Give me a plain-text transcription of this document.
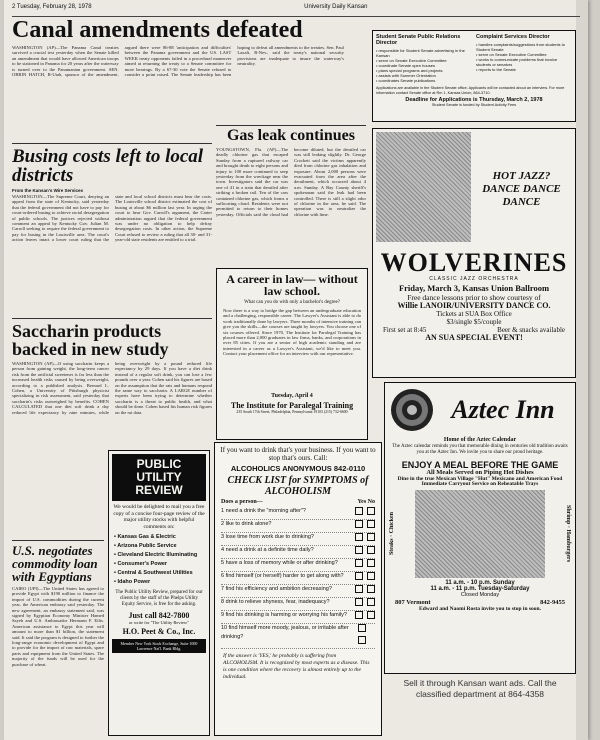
2 Tuesday, February 28, 1978	University Daily Kansan
Canal amendments defeated
WASHINGTON (AP)—The Panama Canal treaties survived a crucial test yesterday when the Senate killed an amendment that would have allowed American troops to be stationed in Panama for 20 years after the waterway is turned over to the Panamanian government. SEN. ORRIN HATCH, R-Utah, sponsor of the amendment, argued there were 86-88 'anticipation and difficulties' between the Panama government and the US. LAST WEEK treaty opponents failed in a procedural maneuver aimed at returning the treaty to a Senate committee for more hearings. By a 67-30 vote the Senate refused to consider a point raised. The Senate leadership has been hoping to defeat all amendments to the treaties. Sen. Paul Laxalt, R-Nev., said the treaty's national security provisions are inadequate to insure the waterway's neutrality.
Busing costs left to local districts
From the Kansan's Wire Services
WASHINGTON—The Supreme Court, denying an appeal from the state of Kentucky, said yesterday that the federal government did not have to pay for court-ordered busing to achieve racial desegregation of public schools. The justices rejected without comment an appeal by Kentucky Gov. Julian M. Carroll seeking to require the federal government to pay for busing in the Louisville area. The court's action leaves intact a lower court ruling that the state and local school districts must bear the costs. The Louisville school district estimated the cost of busing at about $6 million last year. In urging the court to hear Gov. Carroll's argument, the Carter administration argued that the federal government was under no obligation to help defray desegregation costs. In other action, the Supreme Court refused to review a ruling that all 30- and 31-year-old state residents are entitled to a trial.
Saccharin products backed in new study
WASHINGTON (AP)—If using saccharin keeps a person from gaining weight, the long-term cancer risk from the artificial sweetener is far less than the increased health risks caused by being overweight, according to a published analysis. Bernard L. Cohen, a University of Pittsburgh physicist specializing in risk assessment, said yesterday that saccharin's risks outweighed by benefits. COHEN CALCULATED that one diet soft drink a day reduced life expectancy by nine minutes, while being overweight by a pound reduced life expectancy by 29 days. If you have a diet drink instead of a regular soft drink, you can lose a few pounds over a year. Cohen said his figures are based on the assumption that the rats and humans respond the same way to saccharin. A LARGE number of experts have been trying to determine whether saccharin is a threat to public health, and what should be done. Cohen based his human risk figures on the rat data.
U.S. negotiates commodity loan with Egyptians
CAIRO (UPI)—The United States has agreed to provide Egypt with $190 million to finance the import of U.S. commodities during the current year, the American embassy said yesterday. The new agreement, an embassy statement said, was signed by Egyptian Economy Minister Hamed Sayeh and U.S. Ambassador Hermann F. Eilts. American assistance to Egypt this year will amount to more than $1 billion, the statement said. It said the program is designed to further the long-range economic development of Egypt and to provide for the import of raw materials, spare parts and equipment from the United States. The majority of the funds will be used for the purchase of wheat.
Gas leak continues
YOUNGSTOWN, Fla. (AP)—The deadly chlorine gas that escaped Sunday from a ruptured railway car and brought death to eight persons and injury to 100 more continued to seep yesterday from the wreckage near the town. Investigators said the car was one of 41 in a train that derailed after striking a broken rail. Ten of the cars contained chlorine gas, which forms a suffocating cloud. Residents were not permitted to return to their homes yesterday. Officials said the cloud had become diluted, but the derailed car was still leaking slightly. Dr. George Crockett said the victims apparently died from chlorine gas inhalation and exposure. About 2,000 persons were evacuated from the area after the derailment, which occurred about 4 a.m. Sunday. A Bay County sheriff's spokesman said the leak had been controlled. There is still a slight odor of chlorine in the area, he said. The operation was to neutralize the chlorine with lime.
Student Senate Public Relations Director
• responsible for Student Senate advertising in the Kansan
• serve on Senate Executive Committee
• coordinate Senate open houses
• plans special programs and projects
• assists with Summer Orientation
• coordinates Senate publications
Complaint Services Director
• handles complaints/suggestions from students to Student Senate
• serve on Senate Executive Committee
• works to communicate problems that involve students or senators
• reports to the Senate
Applications are available in the Student Senate office. Applicants will be contacted about an interview. For more information contact Senate office at Rm 1, Kansas Union, 864-3710.
Deadline for Applications is Thursday, March 2, 1978
Student Senate is funded by Student Activity Fees
HOT JAZZ? DANCE DANCE DANCE
WOLVERINES
CLASSIC JAZZ ORCHESTRA
Friday, March 3, Kansas Union Ballroom
Free dance lessons prior to show courtesy of
Willie LANOIR/UNIVERSITY DANCE CO.
Tickets at SUA Box Office
$3/single $5/couple
First set at 8:45	Beer & snacks available
AN SUA SPECIAL EVENT!
A career in law— without law school.
What can you do with only a bachelor's degree?
Now there is a way to bridge the gap between an undergraduate education and a challenging, responsible career. The Lawyer's Assistant is able to do work traditionally done by lawyers. Three months of intensive training can give you the skills—the courses are taught by lawyers. You choose one of six courses offered. Since 1970, The Institute for Paralegal Training has placed more than 2,000 graduates in law firms, banks, and corporations in over 85 cities. If you are a senior of high academic standing and are interested in a career as a Lawyer's Assistant, we'd like to meet you. Contact your placement office for an interview with our representative.
Tuesday, April 4
The Institute for Paralegal Training
235 South 17th Street, Philadelphia, Pennsylvania 19103 (215) 732-6600
PUBLIC UTILITY REVIEW
We would be delighted to mail you a free copy of a concise four-page review of the major utility stocks with helpful comments on:
• Kansas Gas & Electric
• Arizona Public Service
• Cleveland Electric Illuminating
• Consumer's Power
• Central & Southwest Utilities
• Idaho Power
The Public Utility Review, prepared for our clients by the staff of the Phelps Utility Equity Service, is free for the asking.
Just call 842-7800
or write for "The Utility Review"
H.O. Peet & Co., Inc.
Member New York Stock Exchange, Suite 1000 Lawrence Nat'l. Bank Bldg.
If you want to drink that's your business. If you want to stop that's ours. Call:
ALCOHOLICS ANONYMOUS 842-0110
CHECK LIST for SYMPTOMS of ALCOHOLISM
Does a person—	Yes No
1 need a drink the "morning after"?
2 like to drink alone?
3 lose time from work due to drinking?
4 need a drink at a definite time daily?
5 have a loss of memory while or after drinking?
6 find himself (or herself) harder to get along with?
7 find his efficiency and ambition decreasing?
8 drink to relieve shyness, fear, inadequacy?
9 find his drinking is harming or worrying his family?
10 find himself more moody, jealous, or irritable after drinking?
If the answer is 'YES,' he probably is suffering from ALCOHOLISM. It is recognized by most experts as a disease. This is one condition where the recovery is almost entirely up to the individual.
Aztec Inn
Home of the Aztec Calendar
The Aztec calendar reminds you that memorable dining in centuries old tradition awaits you at the Aztec Inn. We invite you to share our proud heritage.
ENJOY A MEAL BEFORE THE GAME
All Meals Served on Piping Hot Dishes
Dine in the true Mexican Village "Hut" Mexicano and American Food
Immediate Carryout Service on Reheatable Trays
Steaks · Chicken	Shrimp · Hamburgers
11 a.m. - 10 p.m. Sunday
11 a.m. - 11 p.m. Tuesday-Saturday
Closed Monday
807 Vermont	842-9455
Edward and Naomi Rosta invite you to stop in soon.
Sell it through Kansan want ads. Call the classified department at 864-4358
